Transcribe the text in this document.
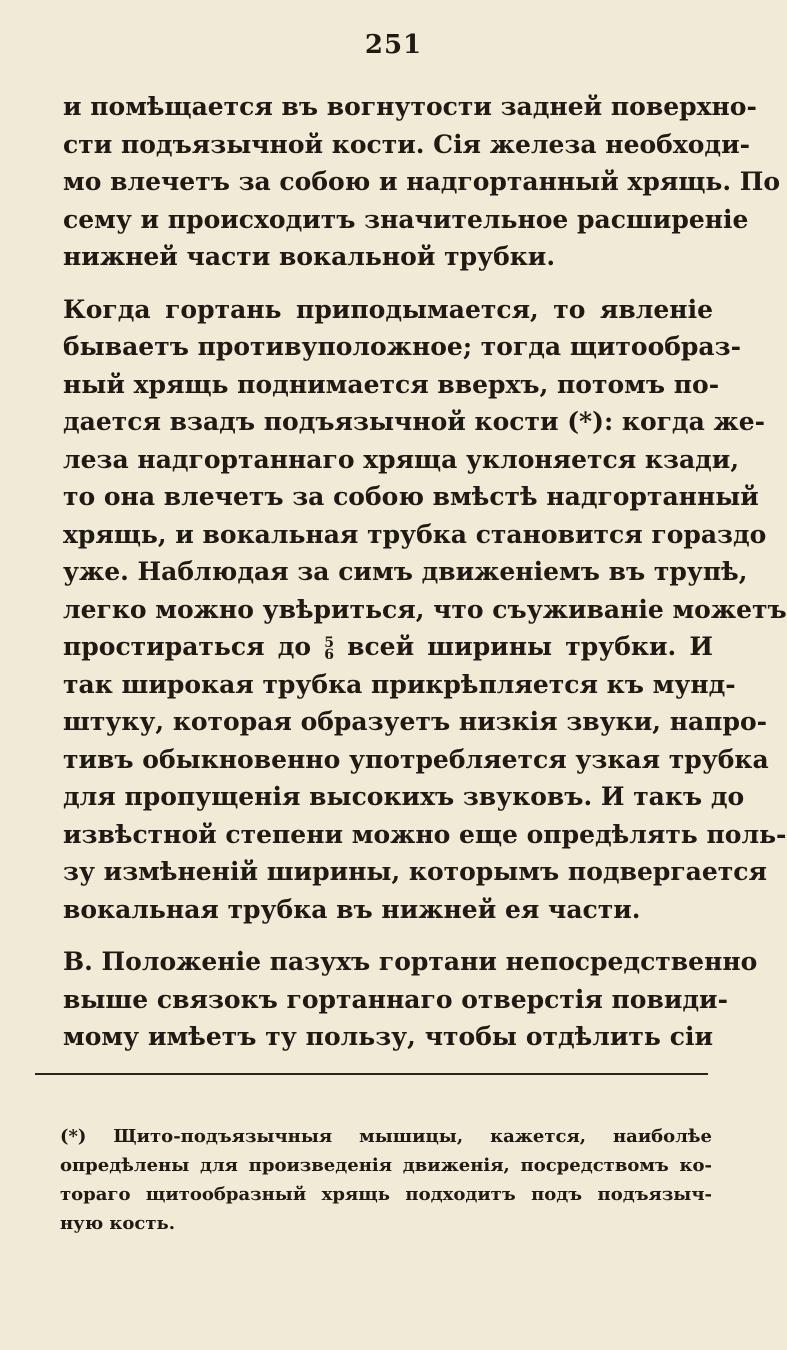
251
и помѣщается въ вогнутости задней поверхно-
сти подъязычной кости. Сія железа необходи-
мо влечетъ за собою и надгортанный хрящь. По
сему и происходитъ значительное расширеніе
нижней части вокальной трубки.
Когда гортань приподымается, то явленіе
бываетъ противуположное; тогда щитообраз-
ный хрящь поднимается вверхъ, потомъ по-
дается взадъ подъязычной кости (*): когда же-
леза надгортаннаго хряща уклоняется кзади,
то она влечетъ за собою вмѣстѣ надгортанный
хрящь, и вокальная трубка становится гораздо
уже. Наблюдая за симъ движеніемъ въ трупѣ,
легко можно увѣриться, что съуживаніе можетъ
простираться до 5
6 всей ширины трубки. И
так широкая трубка прикрѣпляется къ мунд-
штуку, которая образуетъ низкія звуки, напро-
тивъ обыкновенно употребляется узкая трубка
для пропущенія высокихъ звуковъ. И такъ до
извѣстной степени можно еще опредѣлять поль-
зу измѣненій ширины, которымъ подвергается
вокальная трубка въ нижней ея части.
В. Положеніе пазухъ гортани непосредственно
выше связокъ гортаннаго отверстія повиди-
мому имѣетъ ту пользу, чтобы отдѣлить сіи
(*) Щито-подъязычныя мышицы, кажется, наиболѣе
опредѣлены для произведенія движенія, посредствомъ ко-
тораго щитообразный хрящь подходитъ подъ подъязыч-
ную кость.
